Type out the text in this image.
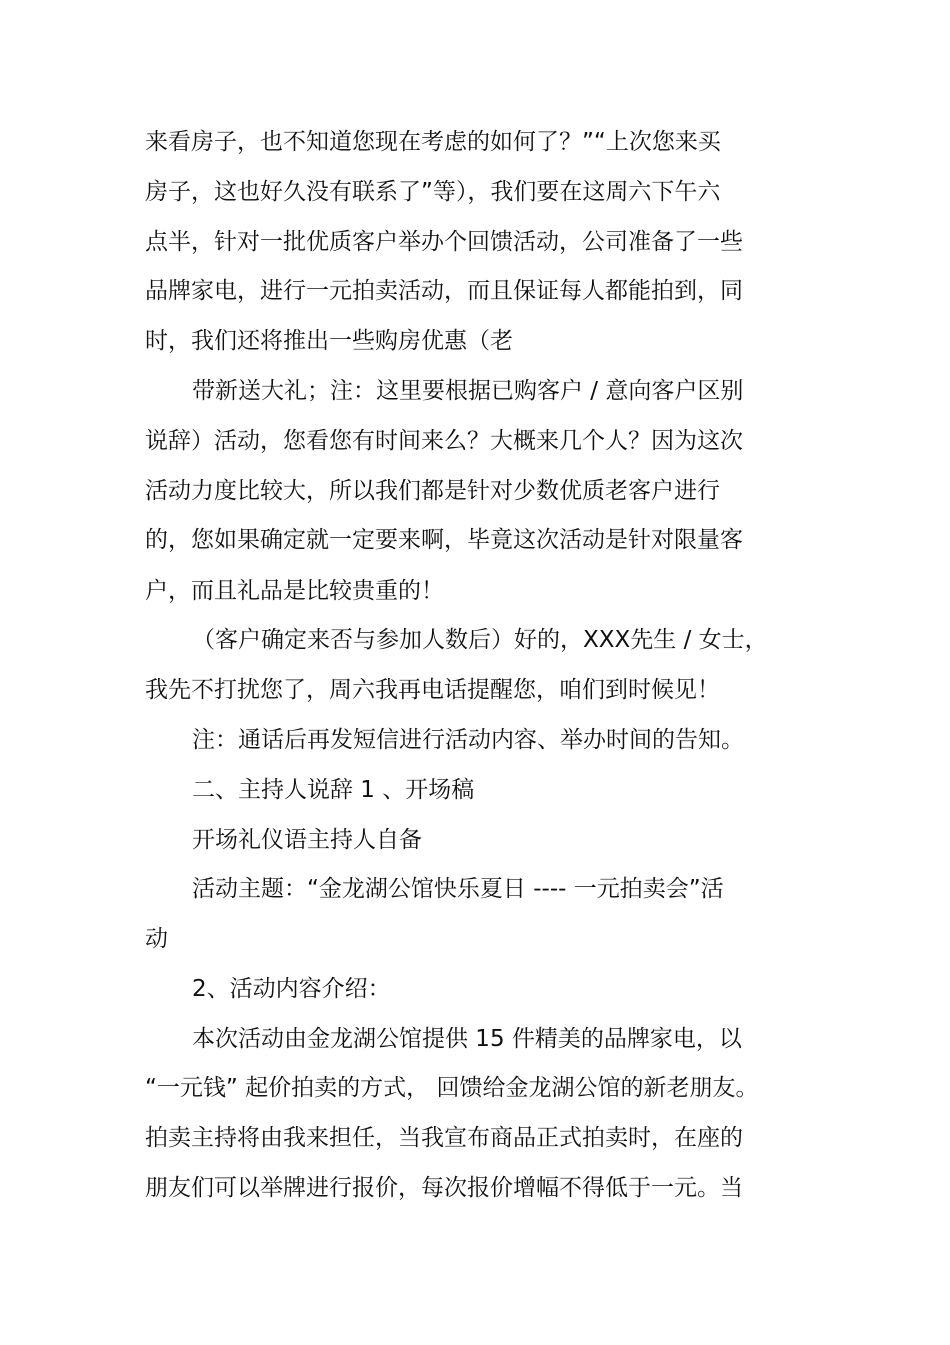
来看房子，也不知道您现在考虑的如何了？”“上次您来买
房子，这也好久没有联系了”等），我们要在这周六下午六
点半，针对一批优质客户举办个回馈活动，公司准备了一些
品牌家电，进行一元拍卖活动，而且保证每人都能拍到，同
时，我们还将推出一些购房优惠（老
带新送大礼；注：这里要根据已购客户 / 意向客户区别
说辞）活动，您看您有时间来么？大概来几个人？因为这次
活动力度比较大，所以我们都是针对少数优质老客户进行
的，您如果确定就一定要来啊，毕竟这次活动是针对限量客
户，而且礼品是比较贵重的！
（客户确定来否与参加人数后）好的，XXX先生 / 女士，
我先不打扰您了，周六我再电话提醒您，咱们到时候见！
注：通话后再发短信进行活动内容、举办时间的告知。
二、主持人说辞 1 、开场稿
开场礼仪语主持人自备
活动主题：“金龙湖公馆快乐夏日 ---- 一元拍卖会”活
动
2、活动内容介绍：
本次活动由金龙湖公馆提供 15 件精美的品牌家电，以
“一元钱” 起价拍卖的方式， 回馈给金龙湖公馆的新老朋友。
拍卖主持将由我来担任，当我宣布商品正式拍卖时，在座的
朋友们可以举牌进行报价，每次报价增幅不得低于一元。当
